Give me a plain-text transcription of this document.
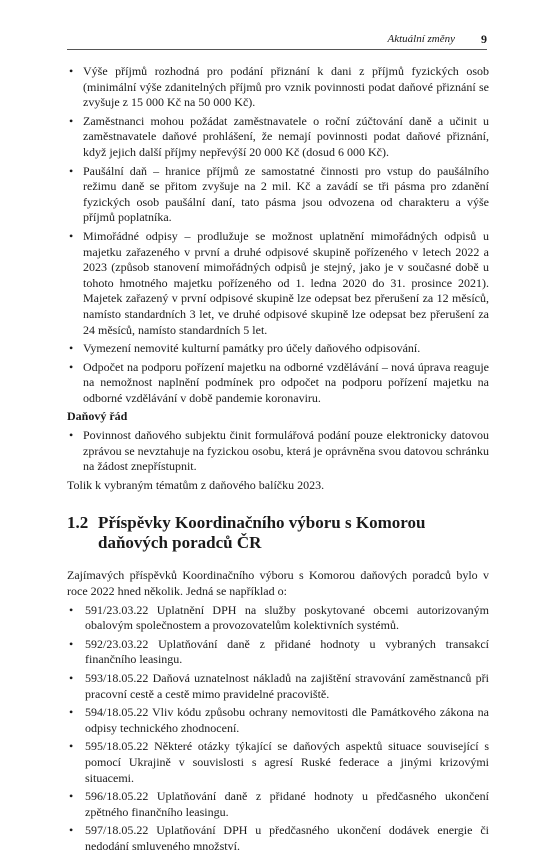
Aktuální změny 9
• Výše příjmů rozhodná pro podání přiznání k dani z příjmů fyzických osob (minimální výše zdanitelných příjmů pro vznik povinnosti podat daňové přiznání se zvyšuje z 15 000 Kč na 50 000 Kč).
• Zaměstnanci mohou požádat zaměstnavatele o roční zúčtování daně a učinit u zaměstnavatele daňové prohlášení, že nemají povinnosti podat daňové přiznání, když jejich další příjmy nepřevýší 20 000 Kč (dosud 6 000 Kč).
• Paušální daň – hranice příjmů ze samostatné činnosti pro vstup do paušálního režimu daně se přitom zvyšuje na 2 mil. Kč a zavádí se tři pásma pro zdanění fyzických osob paušální daní, tato pásma jsou odvozena od charakteru a výše příjmů poplatníka.
• Mimořádné odpisy – prodlužuje se možnost uplatnění mimořádných odpisů u majetku zařazeného v první a druhé odpisové skupině pořízeného v letech 2022 a 2023 (způsob stanovení mimořádných odpisů je stejný, jako je v současné době u tohoto hmotného majetku pořízeného od 1. ledna 2020 do 31. prosince 2021). Majetek zařazený v první odpisové skupině lze odepsat bez přerušení za 12 měsíců, namísto standardních 3 let, ve druhé odpisové skupině lze odepsat bez přerušení za 24 měsíců, namísto standardních 5 let.
• Vymezení nemovité kulturní památky pro účely daňového odpisování.
• Odpočet na podporu pořízení majetku na odborné vzdělávání – nová úprava reaguje na nemožnost naplnění podmínek pro odpočet na podporu pořízení majetku na odborné vzdělávání v době pandemie koronaviru.
Daňový řád
• Povinnost daňového subjektu činit formulářová podání pouze elektronicky datovou zprávou se nevztahuje na fyzickou osobu, která je oprávněna svou datovou schránku na žádost znepřístupnit.

Tolik k vybraným tématům z daňového balíčku 2023.

1.2 Příspěvky Koordinačního výboru s Komorou daňových poradců ČR

Zajímavých příspěvků Koordinačního výboru s Komorou daňových poradců bylo v roce 2022 hned několik. Jedná se například o:

• 591/23.03.22 Uplatnění DPH na služby poskytované obcemi autorizovaným obalovým společnostem a provozovatelům kolektivních systémů.
• 592/23.03.22 Uplatňování daně z přidané hodnoty u vybraných transakcí finančního leasingu.
• 593/18.05.22 Daňová uznatelnost nákladů na zajištění stravování zaměstnanců při pracovní cestě a cestě mimo pravidelné pracoviště.
• 594/18.05.22 Vliv kódu způsobu ochrany nemovitosti dle Památkového zákona na odpisy technického zhodnocení.
• 595/18.05.22 Některé otázky týkající se daňových aspektů situace související s pomocí Ukrajině v souvislosti s agresí Ruské federace a jinými krizovými situacemi.
• 596/18.05.22 Uplatňování daně z přidané hodnoty u předčasného ukončení zpětného finančního leasingu.
• 597/18.05.22 Uplatňování DPH u předčasného ukončení dodávek energie či nedodání smluveného množství.
